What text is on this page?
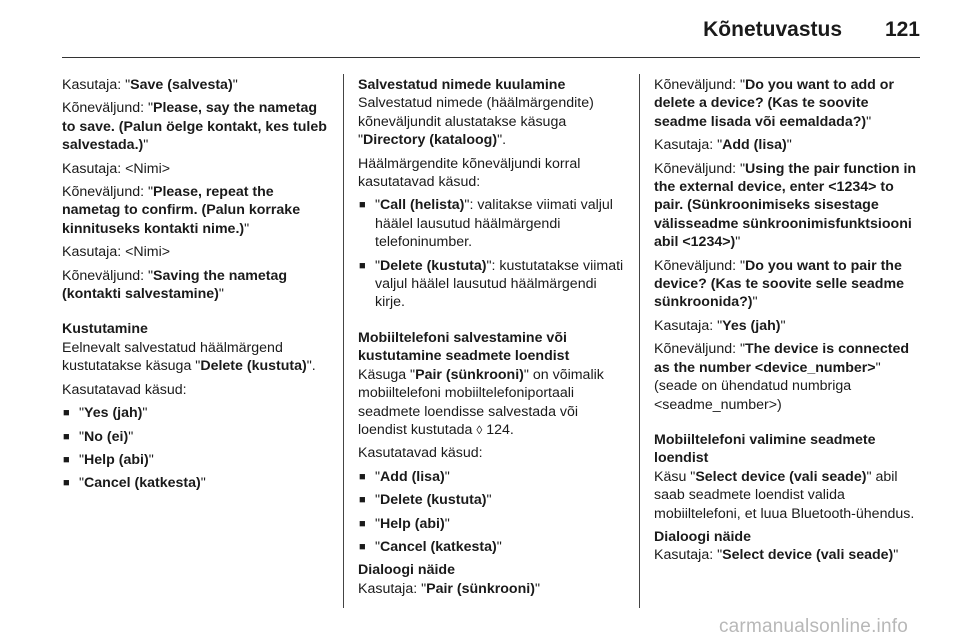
Kõnetuvastus 121

Kasutaja: "Save (salvesta)"

Kõneväljund: "Please, say the nametag to save. (Palun öelge kontakt, kes tuleb salvestada.)"

Kasutaja: <Nimi>

Kõneväljund: "Please, repeat the nametag to confirm. (Palun korrake kinnituseks kontakti nime.)"

Kasutaja: <Nimi>

Kõneväljund: "Saving the nametag (kontakti salvestamine)"

Kustutamine

Eelnevalt salvestatud häälmärgend kustutatakse käsuga "Delete (kustuta)".

Kasutatavad käsud:

■ "Yes (jah)"
■ "No (ei)"
■ "Help (abi)"
■ "Cancel (katkesta)"

Salvestatud nimede kuulamine

Salvestatud nimede (häälmärgendite) kõneväljundit alustatakse käsuga "Directory (kataloog)".

Häälmärgendite kõneväljundi korral kasutatavad käsud:

■ "Call (helista)": valitakse viimati valjul häälel lausutud häälmärgendi telefoninumber.
■ "Delete (kustuta)": kustutatakse viimati valjul häälel lausutud häälmärgendi kirje.

Mobiiltelefoni salvestamine või kustutamine seadmete loendist

Käsuga "Pair (sünkrooni)" on võimalik mobiiltelefoni mobiiltelefoniportaali seadmete loendisse salvestada või loendist kustutada ◊ 124.

Kasutatavad käsud:

■ "Add (lisa)"
■ "Delete (kustuta)"
■ "Help (abi)"
■ "Cancel (katkesta)"

Dialoogi näide

Kasutaja: "Pair (sünkrooni)"

Kõneväljund: "Do you want to add or delete a device? (Kas te soovite seadme lisada või eemaldada?)"

Kasutaja: "Add (lisa)"

Kõneväljund: "Using the pair function in the external device, enter <1234> to pair. (Sünkroonimiseks sisestage välisseadme sünkroonimisfunktsiooni abil <1234>)"

Kõneväljund: "Do you want to pair the device? (Kas te soovite selle seadme sünkroonida?)"

Kasutaja: "Yes (jah)"

Kõneväljund: "The device is connected as the number <device_number>" (seade on ühendatud numbriga <seadme_number>)

Mobiiltelefoni valimine seadmete loendist

Käsu "Select device (vali seade)" abil saab seadmete loendist valida mobiiltelefoni, et luua Bluetooth-ühendus.

Dialoogi näide

Kasutaja: "Select device (vali seade)"

carmanualsonline.info
